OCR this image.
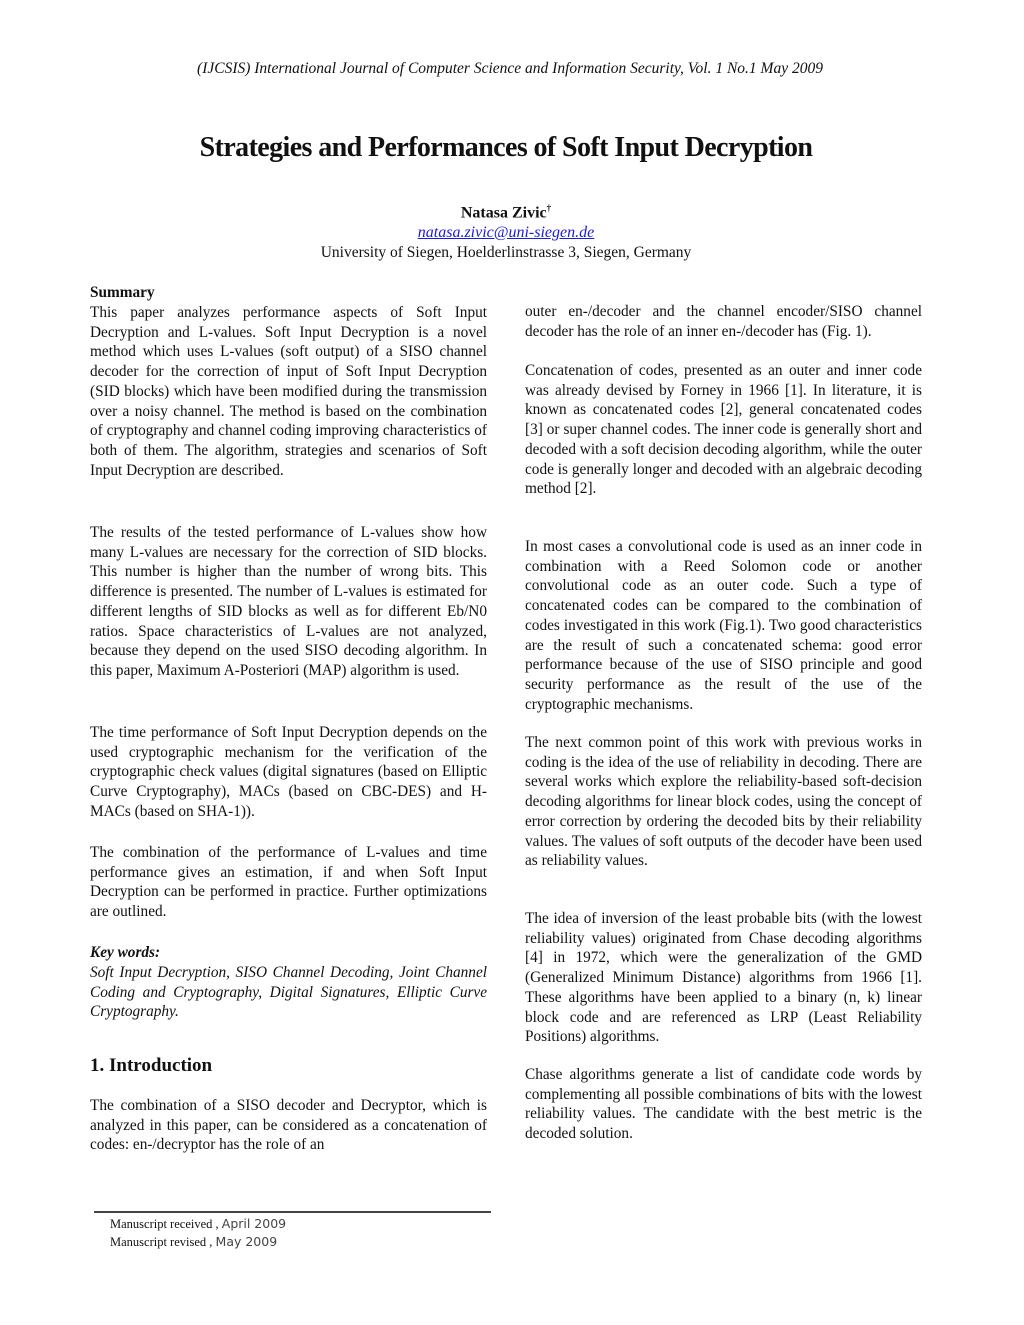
(IJCSIS) International Journal of Computer Science and Information Security, Vol. 1 No.1 May 2009
Strategies and Performances of Soft Input Decryption
Natasa Zivic†
natasa.zivic@uni-siegen.de
University of Siegen, Hoelderlinstrasse 3, Siegen, Germany
Summary
This paper analyzes performance aspects of Soft Input Decryption and L-values. Soft Input Decryption is a novel method which uses L-values (soft output) of a SISO channel decoder for the correction of input of Soft Input Decryption (SID blocks) which have been modified during the transmission over a noisy channel. The method is based on the combination of cryptography and channel coding improving characteristics of both of them. The algorithm, strategies and scenarios of Soft Input Decryption are described.
The results of the tested performance of L-values show how many L-values are necessary for the correction of SID blocks. This number is higher than the number of wrong bits. This difference is presented. The number of L-values is estimated for different lengths of SID blocks as well as for different Eb/N0 ratios. Space characteristics of L-values are not analyzed, because they depend on the used SISO decoding algorithm. In this paper, Maximum A-Posteriori (MAP) algorithm is used.
The time performance of Soft Input Decryption depends on the used cryptographic mechanism for the verification of the cryptographic check values (digital signatures (based on Elliptic Curve Cryptography), MACs (based on CBC-DES) and H-MACs (based on SHA-1)).
The combination of the performance of L-values and time performance gives an estimation, if and when Soft Input Decryption can be performed in practice. Further optimizations are outlined.
Key words:
Soft Input Decryption, SISO Channel Decoding, Joint Channel Coding and Cryptography, Digital Signatures, Elliptic Curve Cryptography.
1. Introduction
The combination of a SISO decoder and Decryptor, which is analyzed in this paper, can be considered as a concatenation of codes: en-/decryptor has the role of an
outer en-/decoder and the channel encoder/SISO channel decoder has the role of an inner en-/decoder has (Fig. 1).
Concatenation of codes, presented as an outer and inner code was already devised by Forney in 1966 [1]. In literature, it is known as concatenated codes [2], general concatenated codes [3] or super channel codes. The inner code is generally short and decoded with a soft decision decoding algorithm, while the outer code is generally longer and decoded with an algebraic decoding method [2].
In most cases a convolutional code is used as an inner code in combination with a Reed Solomon code or another convolutional code as an outer code. Such a type of concatenated codes can be compared to the combination of codes investigated in this work (Fig.1). Two good characteristics are the result of such a concatenated schema: good error performance because of the use of SISO principle and good security performance as the result of the use of the cryptographic mechanisms.
The next common point of this work with previous works in coding is the idea of the use of reliability in decoding. There are several works which explore the reliability-based soft-decision decoding algorithms for linear block codes, using the concept of error correction by ordering the decoded bits by their reliability values. The values of soft outputs of the decoder have been used as reliability values.
The idea of inversion of the least probable bits (with the lowest reliability values) originated from Chase decoding algorithms [4] in 1972, which were the generalization of the GMD (Generalized Minimum Distance) algorithms from 1966 [1]. These algorithms have been applied to a binary (n, k) linear block code and are referenced as LRP (Least Reliability Positions) algorithms.
Chase algorithms generate a list of candidate code words by complementing all possible combinations of bits with the lowest reliability values. The candidate with the best metric is the decoded solution.
Manuscript received , April 2009
Manuscript revised , May 2009
